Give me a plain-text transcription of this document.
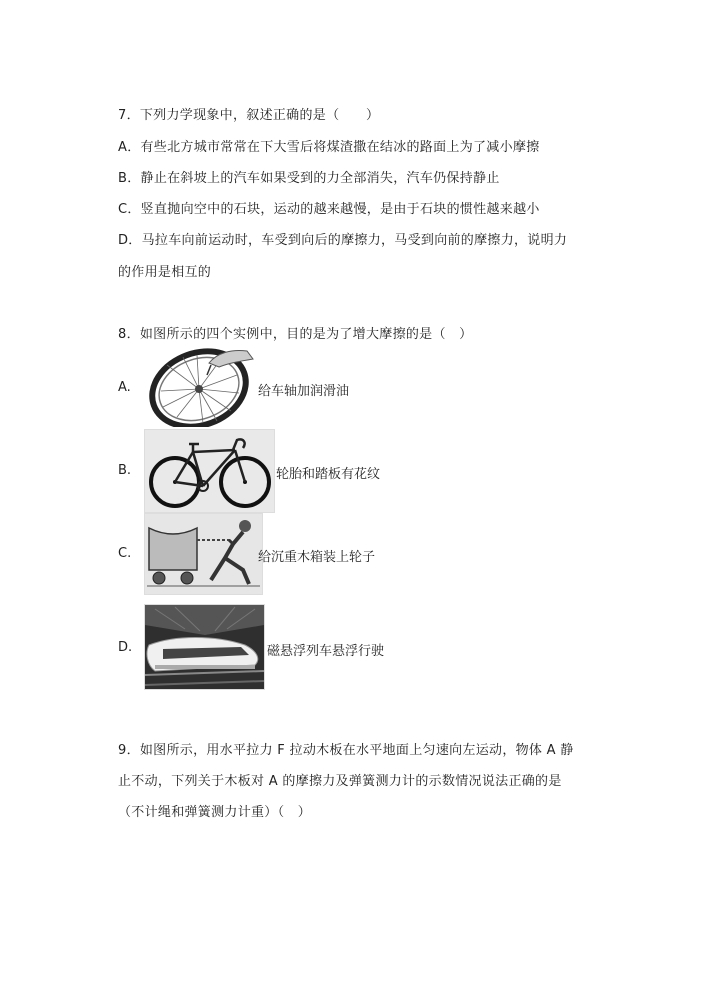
7．下列力学现象中，叙述正确的是（　　）
A．有些北方城市常常在下大雪后将煤渣撒在结冰的路面上为了减小摩擦
B．静止在斜坡上的汽车如果受到的力全部消失，汽车仍保持静止
C．竖直抛向空中的石块，运动的越来越慢，是由于石块的惯性越来越小
D．马拉车向前运动时，车受到向后的摩擦力，马受到向前的摩擦力，说明力
的作用是相互的
8．如图所示的四个实例中，目的是为了增大摩擦的是（　）
A.	给车轴加润滑油
B.	轮胎和踏板有花纹
C.	给沉重木箱装上轮子
D.	磁悬浮列车悬浮行驶
9．如图所示，用水平拉力 F 拉动木板在水平地面上匀速向左运动，物体 A 静
止不动，下列关于木板对 A 的摩擦力及弹簧测力计的示数情况说法正确的是
（不计绳和弹簧测力计重）（　）
